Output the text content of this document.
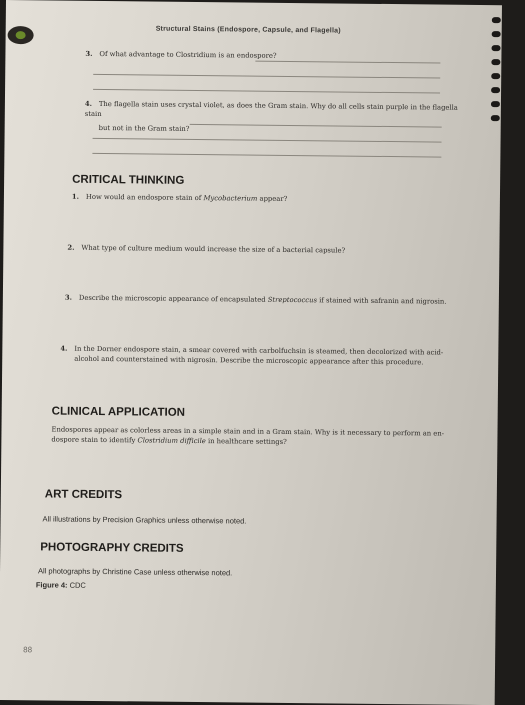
Structural Stains (Endospore, Capsule, and Flagella)
3. Of what advantage to Clostridium is an endospore?
4. The flagella stain uses crystal violet, as does the Gram stain. Why do all cells stain purple in the flagella stain
but not in the Gram stain?
CRITICAL THINKING
1. How would an endospore stain of Mycobacterium appear?
2. What type of culture medium would increase the size of a bacterial capsule?
3. Describe the microscopic appearance of encapsulated Streptococcus if stained with safranin and nigrosin.
4. In the Dorner endospore stain, a smear covered with carbolfuchsin is steamed, then decolorized with acid-
alcohol and counterstained with nigrosin. Describe the microscopic appearance after this procedure.
CLINICAL APPLICATION
Endospores appear as colorless areas in a simple stain and in a Gram stain. Why is it necessary to perform an en-
dospore stain to identify Clostridium difficile in healthcare settings?
ART CREDITS
All illustrations by Precision Graphics unless otherwise noted.
PHOTOGRAPHY CREDITS
All photographs by Christine Case unless otherwise noted.
Figure 4: CDC
88
